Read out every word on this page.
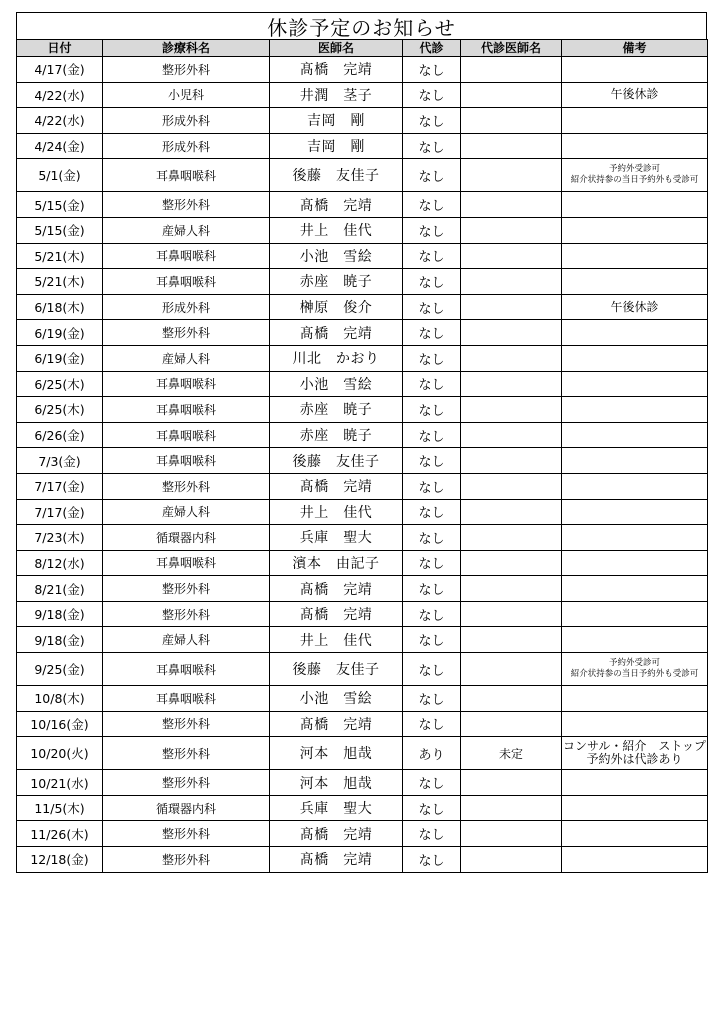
休診予定のお知らせ
日付	診療科名	医師名	代診	代診医師名	備考
4/17(金)	整形外科	髙橋　完靖	なし		
4/22(水)	小児科	井潤　茎子	なし		午後休診

4/22(水)	形成外科	吉岡　剛	なし		
4/24(金)	形成外科	吉岡　剛	なし		
5/1(金)	耳鼻咽喉科	後藤　友佳子	なし		予約外受診可
紹介状持参の当日予約外も受診可

5/15(金)	整形外科	髙橋　完靖	なし		
5/15(金)	産婦人科	井上　佳代	なし		
5/21(木)	耳鼻咽喉科	小池　雪絵	なし		
5/21(木)	耳鼻咽喉科	赤座　暁子	なし		
6/18(木)	形成外科	榊原　俊介	なし		午後休診

6/19(金)	整形外科	髙橋　完靖	なし		
6/19(金)	産婦人科	川北　かおり	なし		
6/25(木)	耳鼻咽喉科	小池　雪絵	なし		
6/25(木)	耳鼻咽喉科	赤座　暁子	なし		
6/26(金)	耳鼻咽喉科	赤座　暁子	なし		
7/3(金)	耳鼻咽喉科	後藤　友佳子	なし		
7/17(金)	整形外科	髙橋　完靖	なし		
7/17(金)	産婦人科	井上　佳代	なし		
7/23(木)	循環器内科	兵庫　聖大	なし		
8/12(水)	耳鼻咽喉科	濱本　由記子	なし		
8/21(金)	整形外科	髙橋　完靖	なし		
9/18(金)	整形外科	髙橋　完靖	なし		
9/18(金)	産婦人科	井上　佳代	なし		
9/25(金)	耳鼻咽喉科	後藤　友佳子	なし		予約外受診可
紹介状持参の当日予約外も受診可

10/8(木)	耳鼻咽喉科	小池　雪絵	なし		
10/16(金)	整形外科	髙橋　完靖	なし		
10/20(火)	整形外科	河本　旭哉	あり	未定	コンサル・紹介　ストップ
予約外は代診あり

10/21(水)	整形外科	河本　旭哉	なし		
11/5(木)	循環器内科	兵庫　聖大	なし		
11/26(木)	整形外科	髙橋　完靖	なし		
12/18(金)	整形外科	髙橋　完靖	なし		
